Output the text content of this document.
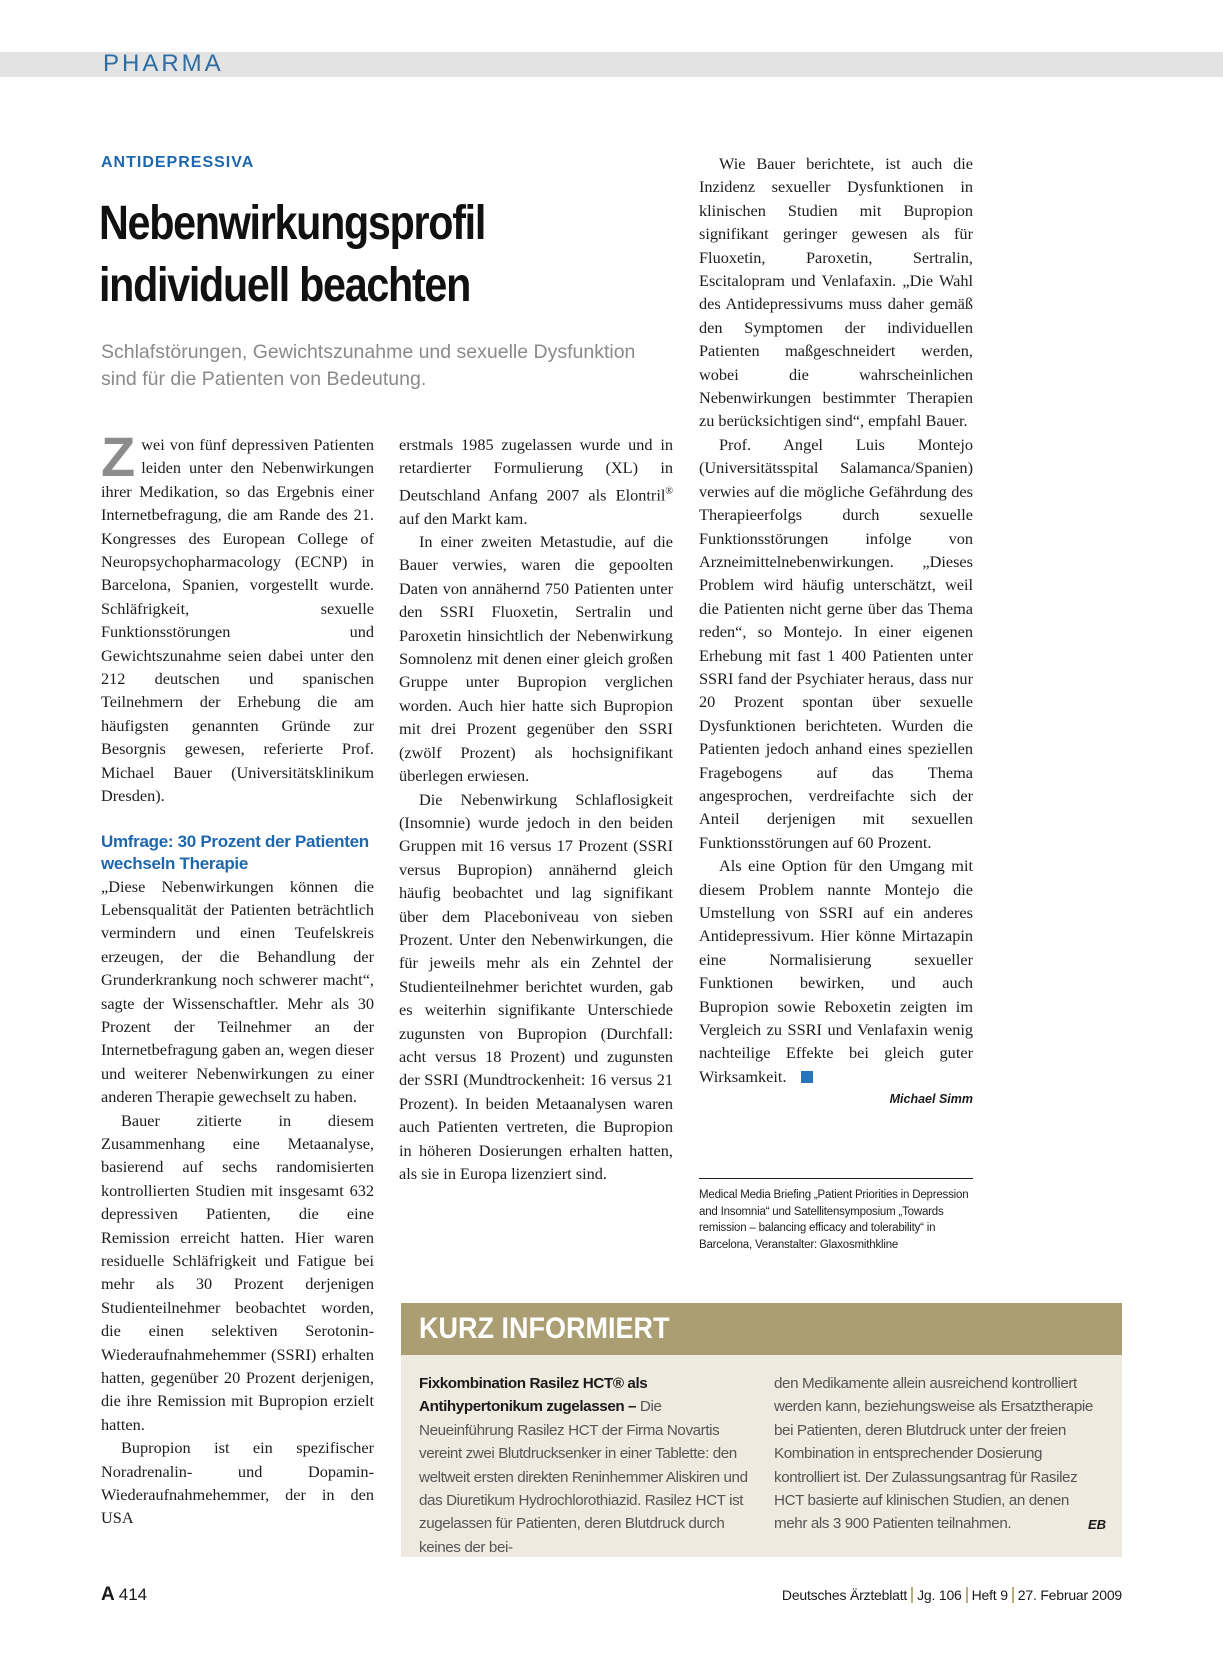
PHARMA
ANTIDEPRESSIVA
Nebenwirkungsprofil
individuell beachten
Schlafstörungen, Gewichtszunahme und sexuelle Dysfunktion sind für die Patienten von Bedeutung.

Zwei von fünf depressiven Patienten leiden unter den Nebenwirkungen ihrer Medikation, so das Ergebnis einer Internetbefragung, die am Rande des 21. Kongresses des European College of Neuropsychopharmacology (ECNP) in Barcelona, Spanien, vorgestellt wurde. Schläfrigkeit, sexuelle Funktionsstörungen und Gewichtszunahme seien dabei unter den 212 deutschen und spanischen Teilnehmern der Erhebung die am häufigsten genannten Gründe zur Besorgnis gewesen, referierte Prof. Michael Bauer (Universitätsklinikum Dresden).

Umfrage: 30 Prozent der Patienten wechseln Therapie

„Diese Nebenwirkungen können die Lebensqualität der Patienten beträchtlich vermindern und einen Teufelskreis erzeugen, der die Behandlung der Grunderkrankung noch schwerer macht“, sagte der Wissenschaftler. Mehr als 30 Prozent der Teilnehmer an der Internetbefragung gaben an, wegen dieser und weiterer Nebenwirkungen zu einer anderen Therapie gewechselt zu haben.

Bauer zitierte in diesem Zusammenhang eine Metaanalyse, basierend auf sechs randomisierten kontrollierten Studien mit insgesamt 632 depressiven Patienten, die eine Remission erreicht hatten. Hier waren residuelle Schläfrigkeit und Fatigue bei mehr als 30 Prozent derjenigen Studienteilnehmer beobachtet worden, die einen selektiven Serotonin-Wiederaufnahmehemmer (SSRI) erhalten hatten, gegenüber 20 Prozent derjenigen, die ihre Remission mit Bupropion erzielt hatten.

Bupropion ist ein spezifischer Noradrenalin- und Dopamin-Wiederaufnahmehemmer, der in den USA

erstmals 1985 zugelassen wurde und in retardierter Formulierung (XL) in Deutschland Anfang 2007 als Elontril® auf den Markt kam.

In einer zweiten Metastudie, auf die Bauer verwies, waren die gepoolten Daten von annähernd 750 Patienten unter den SSRI Fluoxetin, Sertralin und Paroxetin hinsichtlich der Nebenwirkung Somnolenz mit denen einer gleich großen Gruppe unter Bupropion verglichen worden. Auch hier hatte sich Bupropion mit drei Prozent gegenüber den SSRI (zwölf Prozent) als hochsignifikant überlegen erwiesen.

Die Nebenwirkung Schlaflosigkeit (Insomnie) wurde jedoch in den beiden Gruppen mit 16 versus 17 Prozent (SSRI versus Bupropion) annähernd gleich häufig beobachtet und lag signifikant über dem Placeboniveau von sieben Prozent. Unter den Nebenwirkungen, die für jeweils mehr als ein Zehntel der Studienteilnehmer berichtet wurden, gab es weiterhin signifikante Unterschiede zugunsten von Bupropion (Durchfall: acht versus 18 Prozent) und zugunsten der SSRI (Mundtrockenheit: 16 versus 21 Prozent). In beiden Metaanalysen waren auch Patienten vertreten, die Bupropion in höheren Dosierungen erhalten hatten, als sie in Europa lizenziert sind.

Wie Bauer berichtete, ist auch die Inzidenz sexueller Dysfunktionen in klinischen Studien mit Bupropion signifikant geringer gewesen als für Fluoxetin, Paroxetin, Sertralin, Escitalopram und Venlafaxin. „Die Wahl des Antidepressivums muss daher gemäß den Symptomen der individuellen Patienten maßgeschneidert werden, wobei die wahrscheinlichen Nebenwirkungen bestimmter Therapien zu berücksichtigen sind“, empfahl Bauer.

Prof. Angel Luis Montejo (Universitätsspital Salamanca/Spanien) verwies auf die mögliche Gefährdung des Therapieerfolgs durch sexuelle Funktionsstörungen infolge von Arzneimittelnebenwirkungen. „Dieses Problem wird häufig unterschätzt, weil die Patienten nicht gerne über das Thema reden“, so Montejo. In einer eigenen Erhebung mit fast 1 400 Patienten unter SSRI fand der Psychiater heraus, dass nur 20 Prozent spontan über sexuelle Dysfunktionen berichteten. Wurden die Patienten jedoch anhand eines speziellen Fragebogens auf das Thema angesprochen, verdreifachte sich der Anteil derjenigen mit sexuellen Funktionsstörungen auf 60 Prozent.

Als eine Option für den Umgang mit diesem Problem nannte Montejo die Umstellung von SSRI auf ein anderes Antidepressivum. Hier könne Mirtazapin eine Normalisierung sexueller Funktionen bewirken, und auch Bupropion sowie Reboxetin zeigten im Vergleich zu SSRI und Venlafaxin wenig nachteilige Effekte bei gleich guter Wirksamkeit.

Michael Simm
Medical Media Briefing „Patient Priorities in Depression and Insomnia“ und Satellitensymposium „Towards remission – balancing efficacy and tolerability“ in Barcelona, Veranstalter: Glaxosmithkline
KURZ INFORMIERT
Fixkombination Rasilez HCT® als Antihypertonikum zugelassen – Die Neueinführung Rasilez HCT der Firma Novartis vereint zwei Blutdrucksenker in einer Tablette: den weltweit ersten direkten Reninhemmer Aliskiren und das Diuretikum Hydrochlorothiazid. Rasilez HCT ist zugelassen für Patienten, deren Blutdruck durch keines der bei-
den Medikamente allein ausreichend kontrolliert werden kann, beziehungsweise als Ersatztherapie bei Patienten, deren Blutdruck unter der freien Kombination in entsprechender Dosierung kontrolliert ist. Der Zulassungsantrag für Rasilez HCT basierte auf klinischen Studien, an denen mehr als 3 900 Patienten teilnahmen.	EB
A 414	Deutsches Ärzteblatt Jg. 106 Heft 9 27. Februar 2009
